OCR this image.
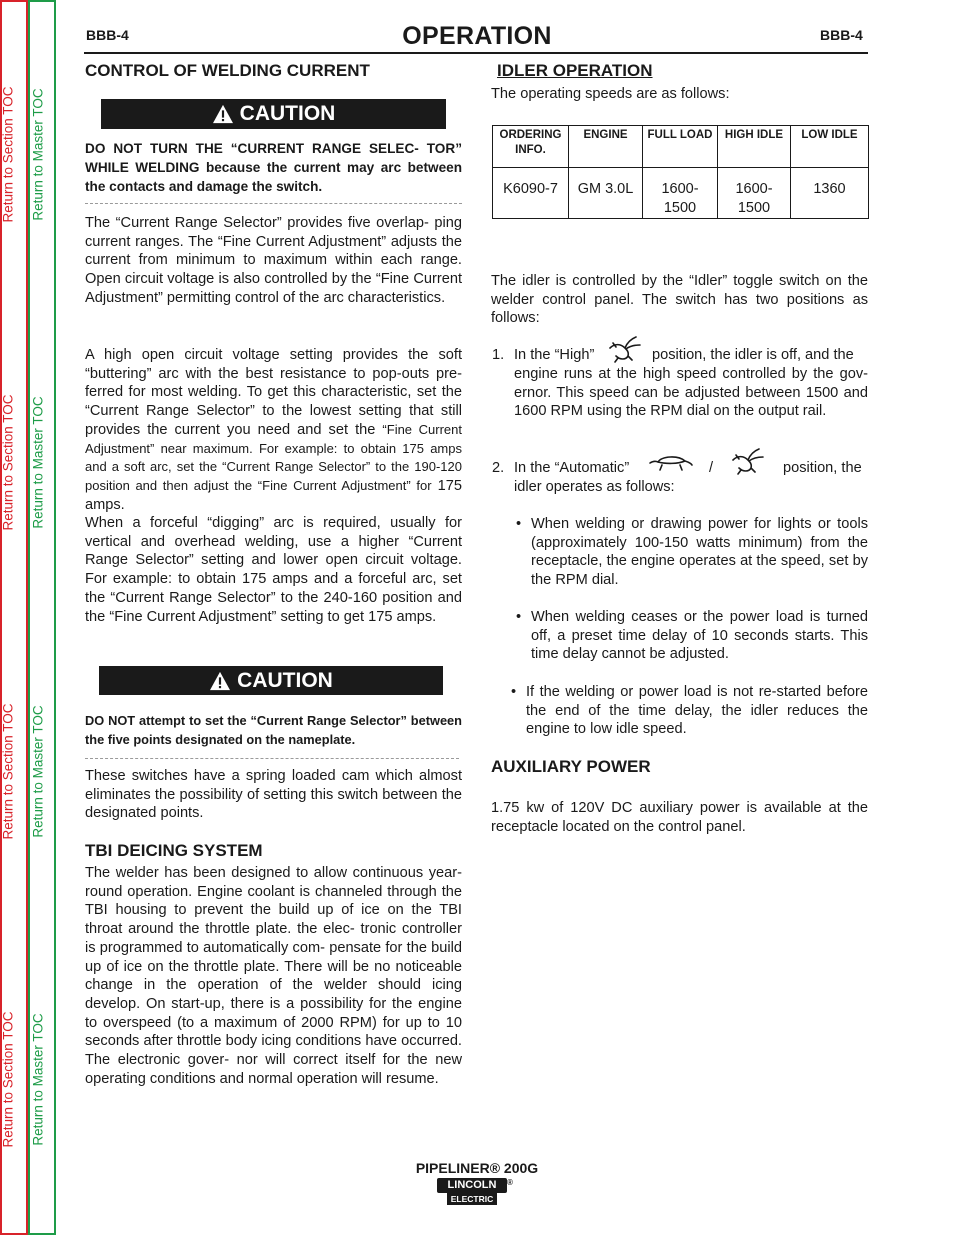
Return to Section TOC
Return to Section TOC
Return to Section TOC
Return to Section TOC
Return to Master TOC
Return to Master TOC
Return to Master TOC
Return to Master TOC
BBB-4	OPERATION	BBB-4
CONTROL OF WELDING CURRENT
CAUTION
DO NOT TURN THE “CURRENT RANGE SELEC- TOR” WHILE WELDING because the current may arc between the contacts and damage the switch.

The “Current Range Selector” provides five overlap- ping current ranges. The “Fine Current Adjustment” adjusts the current from minimum to maximum within each range. Open circuit voltage is also controlled by the “Fine Current Adjustment” permitting control of the arc characteristics.

A high open circuit voltage setting provides the soft “buttering” arc with the best resistance to pop-outs pre- ferred for most welding. To get this characteristic, set the “Current Range Selector” to the lowest setting that still provides the current you need and set the “Fine Current Adjustment” near maximum. For example: to obtain 175 amps and a soft arc, set the “Current Range Selector” to the 190-120 position and then adjust the “Fine Current Adjustment” for 175 amps.

When a forceful “digging” arc is required, usually for vertical and overhead welding, use a higher “Current Range Selector” setting and lower open circuit voltage. For example: to obtain 175 amps and a forceful arc, set the “Current Range Selector” to the 240-160 position and the “Fine Current Adjustment” setting to get 175 amps.

CAUTION
DO NOT attempt to set the “Current Range Selector” between the five points designated on the nameplate.

These switches have a spring loaded cam which almost eliminates the possibility of setting this switch between the designated points.

TBI DEICING SYSTEM

The welder has been designed to allow continuous year-round operation. Engine coolant is channeled through the TBI housing to prevent the build up of ice on the TBI throat around the throttle plate. the elec- tronic controller is programmed to automatically com- pensate for the build up of ice on the throttle plate. There will be no noticeable change in the operation of the welder should icing develop. On start-up, there is a possibility for the engine to overspeed (to a maximum of 2000 RPM) for up to 10 seconds after throttle body icing conditions have occurred. The electronic gover- nor will correct itself for the new operating conditions and normal operation will resume.

IDLER OPERATION
The operating speeds are as follows:
ORDERING INFO.	ENGINE	FULL LOAD	HIGH IDLE	LOW IDLE
K6090-7	GM 3.0L	1600- 1500	1600- 1500	1360

The idler is controlled by the “Idler” toggle switch on the welder control panel. The switch has two positions as follows:

1. In the “High”	position, the idler is off, and the

engine runs at the high speed controlled by the gov- ernor. This speed can be adjusted between 1500 and 1600 RPM using the RPM dial on the output rail.

2. In the “Automatic”	/	position, the
idler operates as follows:
• When welding or drawing power for lights or tools (approximately 100-150 watts minimum) from the receptacle, the engine operates at the speed, set by the RPM dial.

• When welding ceases or the power load is turned off, a preset time delay of 10 seconds starts. This time delay cannot be adjusted.

• If the welding or power load is not re-started before the end of the time delay, the idler reduces the engine to low idle speed.

AUXILIARY POWER

1.75 kw of 120V DC auxiliary power is available at the receptacle located on the control panel.

PIPELINER® 200G
LINCOLN	®
ELECTRIC
